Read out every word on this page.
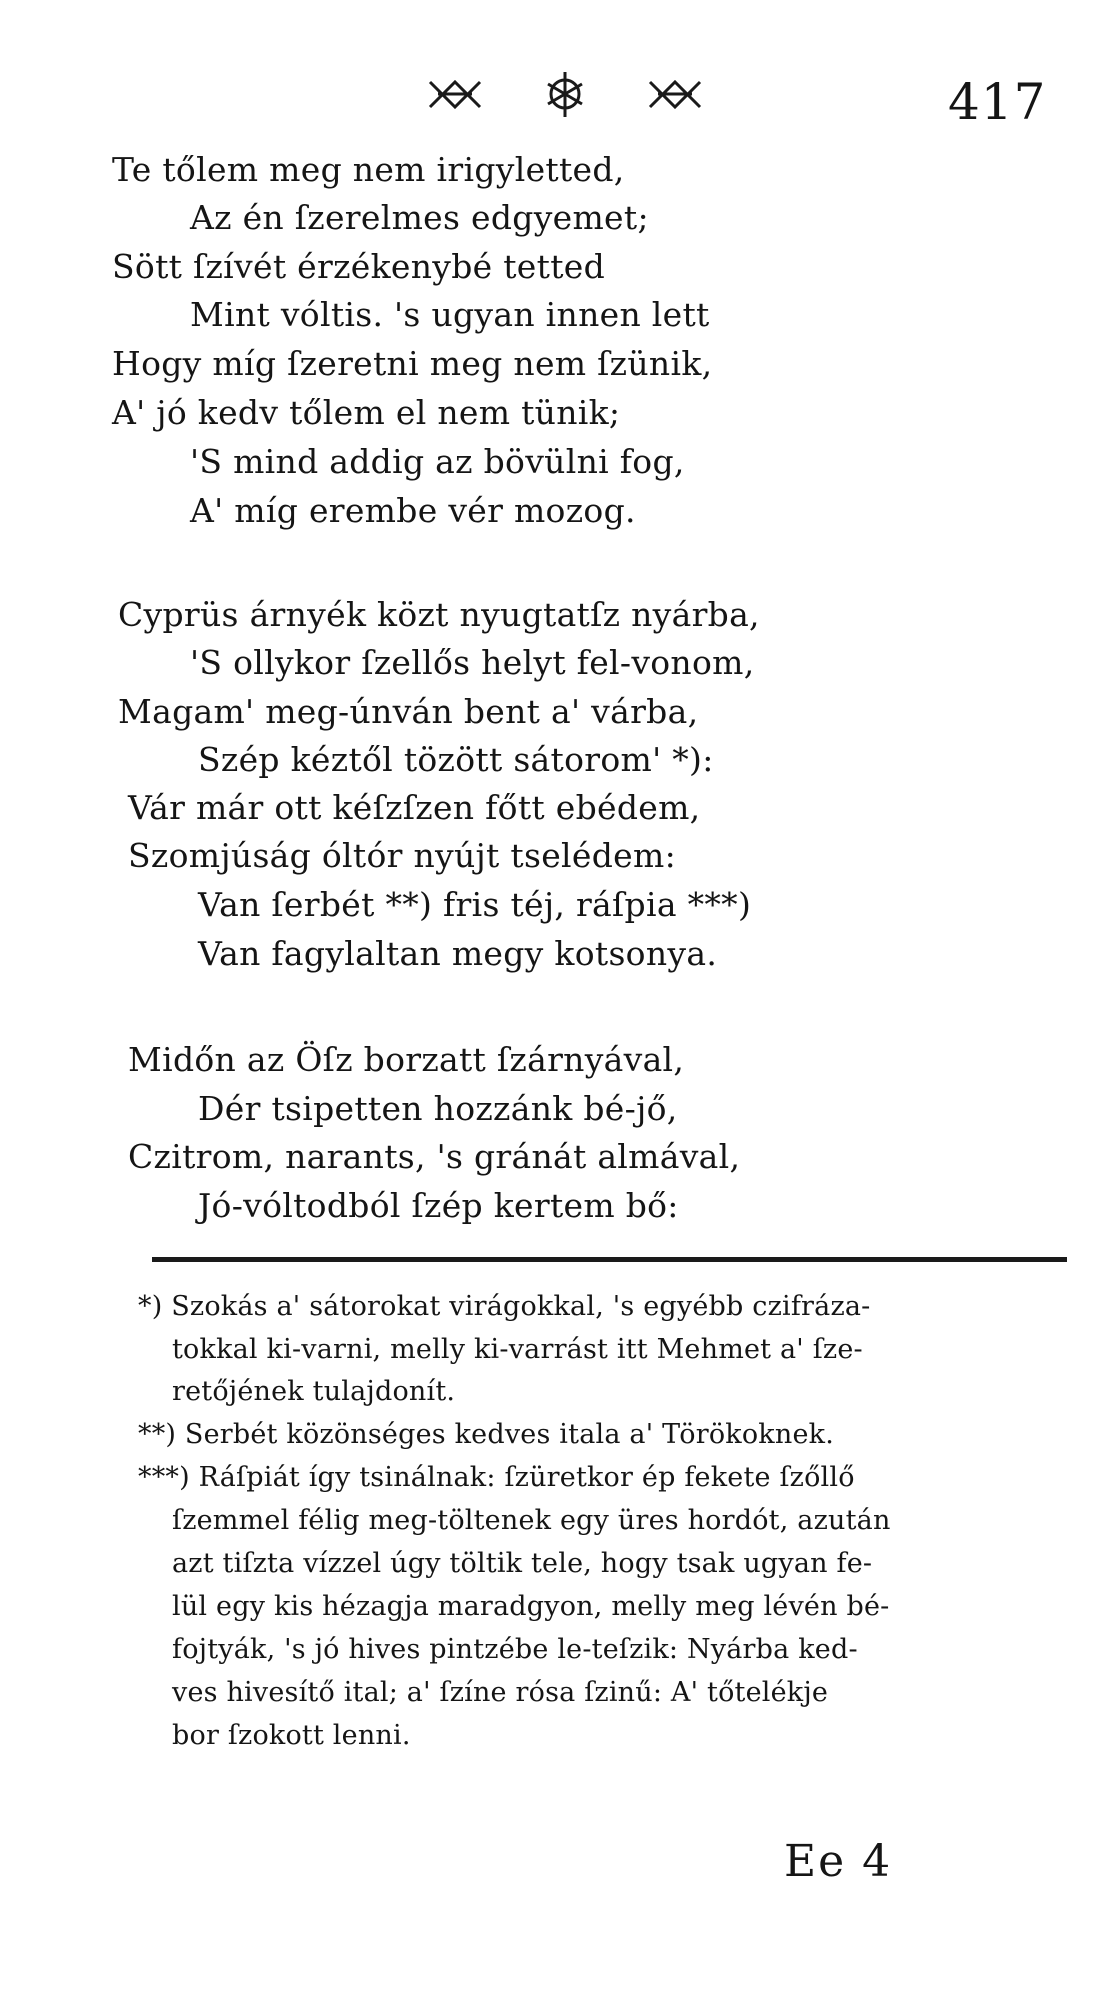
417
Te tőlem meg nem irigyletted,
Az én ſzerelmes edgyemet;
Sött ſzívét érzékenybé tetted
Mint vóltis. 's ugyan innen lett
Hogy míg ſzeretni meg nem ſzünik,
A' jó kedv tőlem el nem tünik;
'S mind addig az bövülni fog,
A' míg erembe vér mozog.
Cyprüs árnyék közt nyugtatſz nyárba,
'S ollykor ſzellős helyt fel-vonom,
Magam' meg-únván bent a' várba,
Szép kéztől tözött sátorom' *):
Vár már ott kéſzſzen főtt ebédem,
Szomjúság óltór nyújt tselédem:
Van ſerbét **) fris téj, ráſpia ***)
Van fagylaltan megy kotsonya.
Midőn az Öſz borzatt ſzárnyával,
Dér tsipetten hozzánk bé-jő,
Czitrom, narants, 's gránát almával,
Jó-vóltodból ſzép kertem bő:
*) Szokás a' sátorokat virágokkal, 's egyébb czifráza-
tokkal ki-varni, melly ki-varrást itt Mehmet a' ſze-
retőjének tulajdonít.
**) Serbét közönséges kedves itala a' Törökoknek.
***) Ráſpiát így tsinálnak: ſzüretkor ép fekete ſzőllő
ſzemmel félig meg-töltenek egy üres hordót, azután
azt tiſzta vízzel úgy töltik tele, hogy tsak ugyan fe-
lül egy kis hézagja maradgyon, melly meg lévén bé-
fojtyák, 's jó hives pintzébe le-teſzik: Nyárba ked-
ves hivesítő ital; a' ſzíne rósa ſzinű: A' tőtelékje
bor ſzokott lenni.
Ee 4
